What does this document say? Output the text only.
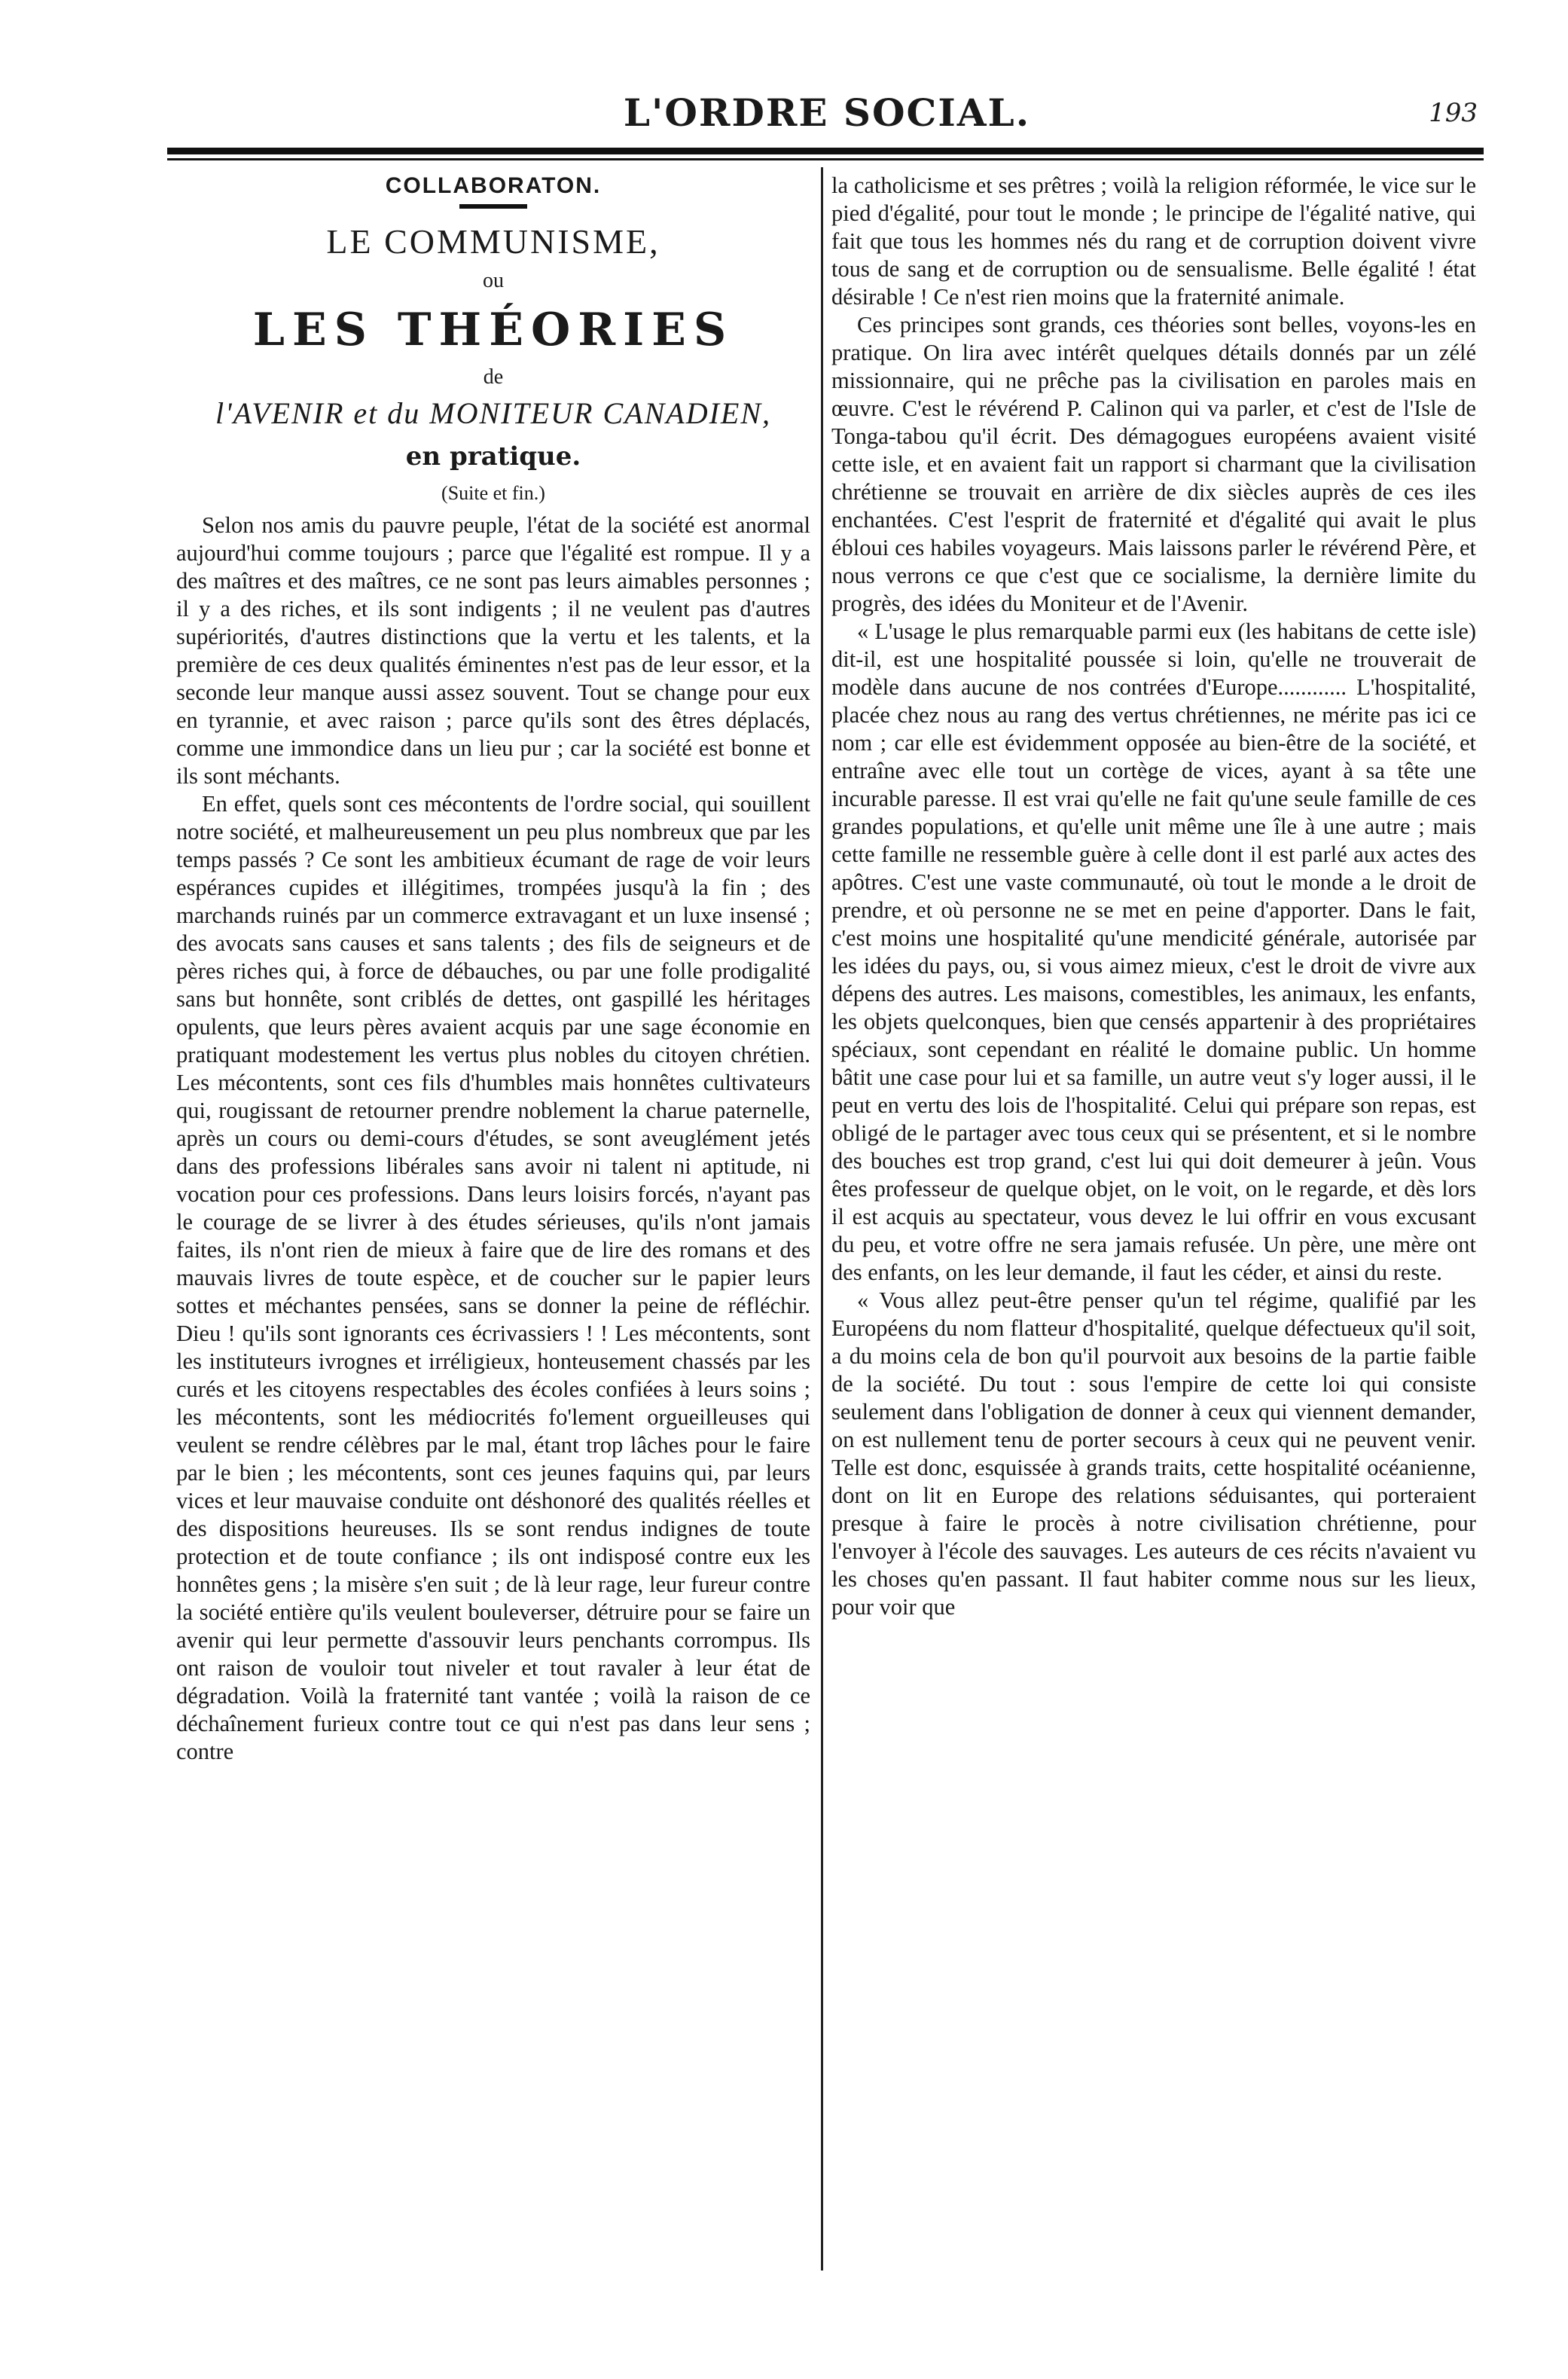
L'ORDRE SOCIAL.	193

COLLABORATON.

LE COMMUNISME,

ou

LES THÉORIES

de

l'AVENIR et du MONITEUR CANADIEN,

en pratique.

(Suite et fin.)

Selon nos amis du pauvre peuple, l'état de la société est anormal aujourd'hui comme toujours ; parce que l'égalité est rompue. Il y a des maîtres et des maîtres, ce ne sont pas leurs aimables personnes ; il y a des riches, et ils sont indigents ; il ne veulent pas d'autres supériorités, d'autres distinctions que la vertu et les talents, et la première de ces deux qualités éminentes n'est pas de leur essor, et la seconde leur manque aussi assez souvent. Tout se change pour eux en tyrannie, et avec raison ; parce qu'ils sont des êtres déplacés, comme une immondice dans un lieu pur ; car la société est bonne et ils sont méchants.

En effet, quels sont ces mécontents de l'ordre social, qui souillent notre société, et malheureusement un peu plus nombreux que par les temps passés ? Ce sont les ambitieux écumant de rage de voir leurs espérances cupides et illégitimes, trompées jusqu'à la fin ; des marchands ruinés par un commerce extravagant et un luxe insensé ; des avocats sans causes et sans talents ; des fils de seigneurs et de pères riches qui, à force de débauches, ou par une folle prodigalité sans but honnête, sont criblés de dettes, ont gaspillé les héritages opulents, que leurs pères avaient acquis par une sage économie en pratiquant modestement les vertus plus nobles du citoyen chrétien. Les mécontents, sont ces fils d'humbles mais honnêtes cultivateurs qui, rougissant de retourner prendre noblement la charue paternelle, après un cours ou demi-cours d'études, se sont aveuglément jetés dans des professions libérales sans avoir ni talent ni aptitude, ni vocation pour ces professions. Dans leurs loisirs forcés, n'ayant pas le courage de se livrer à des études sérieuses, qu'ils n'ont jamais faites, ils n'ont rien de mieux à faire que de lire des romans et des mauvais livres de toute espèce, et de coucher sur le papier leurs sottes et méchantes pensées, sans se donner la peine de réfléchir. Dieu ! qu'ils sont ignorants ces écrivassiers ! ! Les mécontents, sont les instituteurs ivrognes et irréligieux, honteusement chassés par les curés et les citoyens respectables des écoles confiées à leurs soins ; les mécontents, sont les médiocrités fo'lement orgueilleuses qui veulent se rendre célèbres par le mal, étant trop lâches pour le faire par le bien ; les mécontents, sont ces jeunes faquins qui, par leurs vices et leur mauvaise conduite ont déshonoré des qualités réelles et des dispositions heureuses. Ils se sont rendus indignes de toute protection et de toute confiance ; ils ont indisposé contre eux les honnêtes gens ; la misère s'en suit ; de là leur rage, leur fureur contre la société entière qu'ils veulent bouleverser, détruire pour se faire un avenir qui leur permette d'assouvir leurs penchants corrompus. Ils ont raison de vouloir tout niveler et tout ravaler à leur état de dégradation. Voilà la fraternité tant vantée ; voilà la raison de ce déchaînement furieux contre tout ce qui n'est pas dans leur sens ; contre

la catholicisme et ses prêtres ; voilà la religion réformée, le vice sur le pied d'égalité, pour tout le monde ; le principe de l'égalité native, qui fait que tous les hommes nés du rang et de corruption doivent vivre tous de sang et de corruption ou de sensualisme. Belle égalité ! état désirable ! Ce n'est rien moins que la fraternité animale.

Ces principes sont grands, ces théories sont belles, voyons-les en pratique. On lira avec intérêt quelques détails donnés par un zélé missionnaire, qui ne prêche pas la civilisation en paroles mais en œuvre. C'est le révérend P. Calinon qui va parler, et c'est de l'Isle de Tonga-tabou qu'il écrit. Des démagogues européens avaient visité cette isle, et en avaient fait un rapport si charmant que la civilisation chrétienne se trouvait en arrière de dix siècles auprès de ces iles enchantées. C'est l'esprit de fraternité et d'égalité qui avait le plus ébloui ces habiles voyageurs. Mais laissons parler le révérend Père, et nous verrons ce que c'est que ce socialisme, la dernière limite du progrès, des idées du Moniteur et de l'Avenir.

« L'usage le plus remarquable parmi eux (les habitans de cette isle) dit-il, est une hospitalité poussée si loin, qu'elle ne trouverait de modèle dans aucune de nos contrées d'Europe............ L'hospitalité, placée chez nous au rang des vertus chrétiennes, ne mérite pas ici ce nom ; car elle est évidemment opposée au bien-être de la société, et entraîne avec elle tout un cortège de vices, ayant à sa tête une incurable paresse. Il est vrai qu'elle ne fait qu'une seule famille de ces grandes populations, et qu'elle unit même une île à une autre ; mais cette famille ne ressemble guère à celle dont il est parlé aux actes des apôtres. C'est une vaste communauté, où tout le monde a le droit de prendre, et où personne ne se met en peine d'apporter. Dans le fait, c'est moins une hospitalité qu'une mendicité générale, autorisée par les idées du pays, ou, si vous aimez mieux, c'est le droit de vivre aux dépens des autres. Les maisons, comestibles, les animaux, les enfants, les objets quelconques, bien que censés appartenir à des propriétaires spéciaux, sont cependant en réalité le domaine public. Un homme bâtit une case pour lui et sa famille, un autre veut s'y loger aussi, il le peut en vertu des lois de l'hospitalité. Celui qui prépare son repas, est obligé de le partager avec tous ceux qui se présentent, et si le nombre des bouches est trop grand, c'est lui qui doit demeurer à jeûn. Vous êtes professeur de quelque objet, on le voit, on le regarde, et dès lors il est acquis au spectateur, vous devez le lui offrir en vous excusant du peu, et votre offre ne sera jamais refusée. Un père, une mère ont des enfants, on les leur demande, il faut les céder, et ainsi du reste.

« Vous allez peut-être penser qu'un tel régime, qualifié par les Européens du nom flatteur d'hospitalité, quelque défectueux qu'il soit, a du moins cela de bon qu'il pourvoit aux besoins de la partie faible de la société. Du tout : sous l'empire de cette loi qui consiste seulement dans l'obligation de donner à ceux qui viennent demander, on est nullement tenu de porter secours à ceux qui ne peuvent venir. Telle est donc, esquissée à grands traits, cette hospitalité océanienne, dont on lit en Europe des relations séduisantes, qui porteraient presque à faire le procès à notre civilisation chrétienne, pour l'envoyer à l'école des sauvages. Les auteurs de ces récits n'avaient vu les choses qu'en passant. Il faut habiter comme nous sur les lieux, pour voir que
